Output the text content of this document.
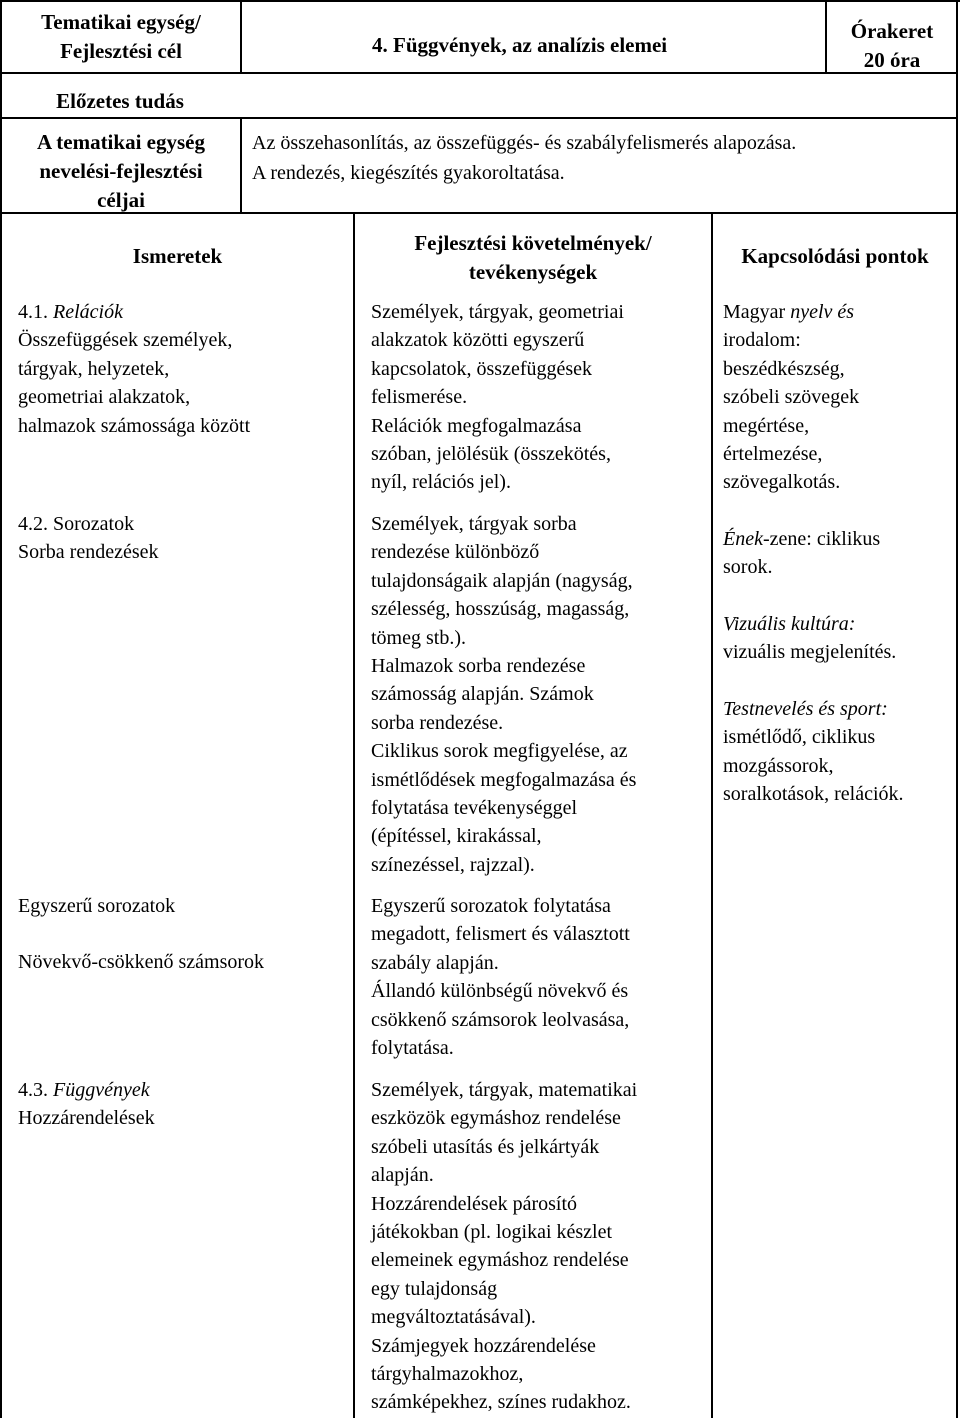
Tematikai egység/
Fejlesztési cél	4. Függvények, az analízis elemei
Órakeret
20 óra
Előzetes tudás
A tematikai egység
nevelési-fejlesztési
céljai
Az összehasonlítás, az összefüggés- és szabályfelismerés alapozása.
A rendezés, kiegészítés gyakoroltatása.
Ismeretek
Fejlesztési követelmények/
tevékenységek
Kapcsolódási pontok
4.1. Relációk
Összefüggések személyek,
tárgyak, helyzetek,
geometriai alakzatok,
halmazok számossága között
4.2. Sorozatok
Sorba rendezések
Egyszerű sorozatok
Növekvő-csökkenő számsorok
4.3. Függvények
Hozzárendelések
Személyek, tárgyak, geometriai
alakzatok közötti egyszerű
kapcsolatok, összefüggések
felismerése.
Relációk megfogalmazása
szóban, jelölésük (összekötés,
nyíl, relációs jel).
Személyek, tárgyak sorba
rendezése különböző
tulajdonságaik alapján (nagyság,
szélesség, hosszúság, magasság,
tömeg stb.).
Halmazok sorba rendezése
számosság alapján. Számok
sorba rendezése.
Ciklikus sorok megfigyelése, az
ismétlődések megfogalmazása és
folytatása tevékenységgel
(építéssel, kirakással,
színezéssel, rajzzal).
Egyszerű sorozatok folytatása
megadott, felismert és választott
szabály alapján.
Állandó különbségű növekvő és
csökkenő számsorok leolvasása,
folytatása.
Személyek, tárgyak, matematikai
eszközök egymáshoz rendelése
szóbeli utasítás és jelkártyák
alapján.
Hozzárendelések párosító
játékokban (pl. logikai készlet
elemeinek egymáshoz rendelése
egy tulajdonság
megváltoztatásával).
Számjegyek hozzárendelése
tárgyhalmazokhoz,
számképekhez, színes rudakhoz.
Magyar nyelv és
irodalom:
beszédkészség,
szóbeli szövegek
megértése,
értelmezése,
szövegalkotás.
Ének-zene: ciklikus
sorok.
Vizuális kultúra:
vizuális megjelenítés.
Testnevelés és sport:
ismétlődő, ciklikus
mozgássorok,
soralkotások, relációk.
